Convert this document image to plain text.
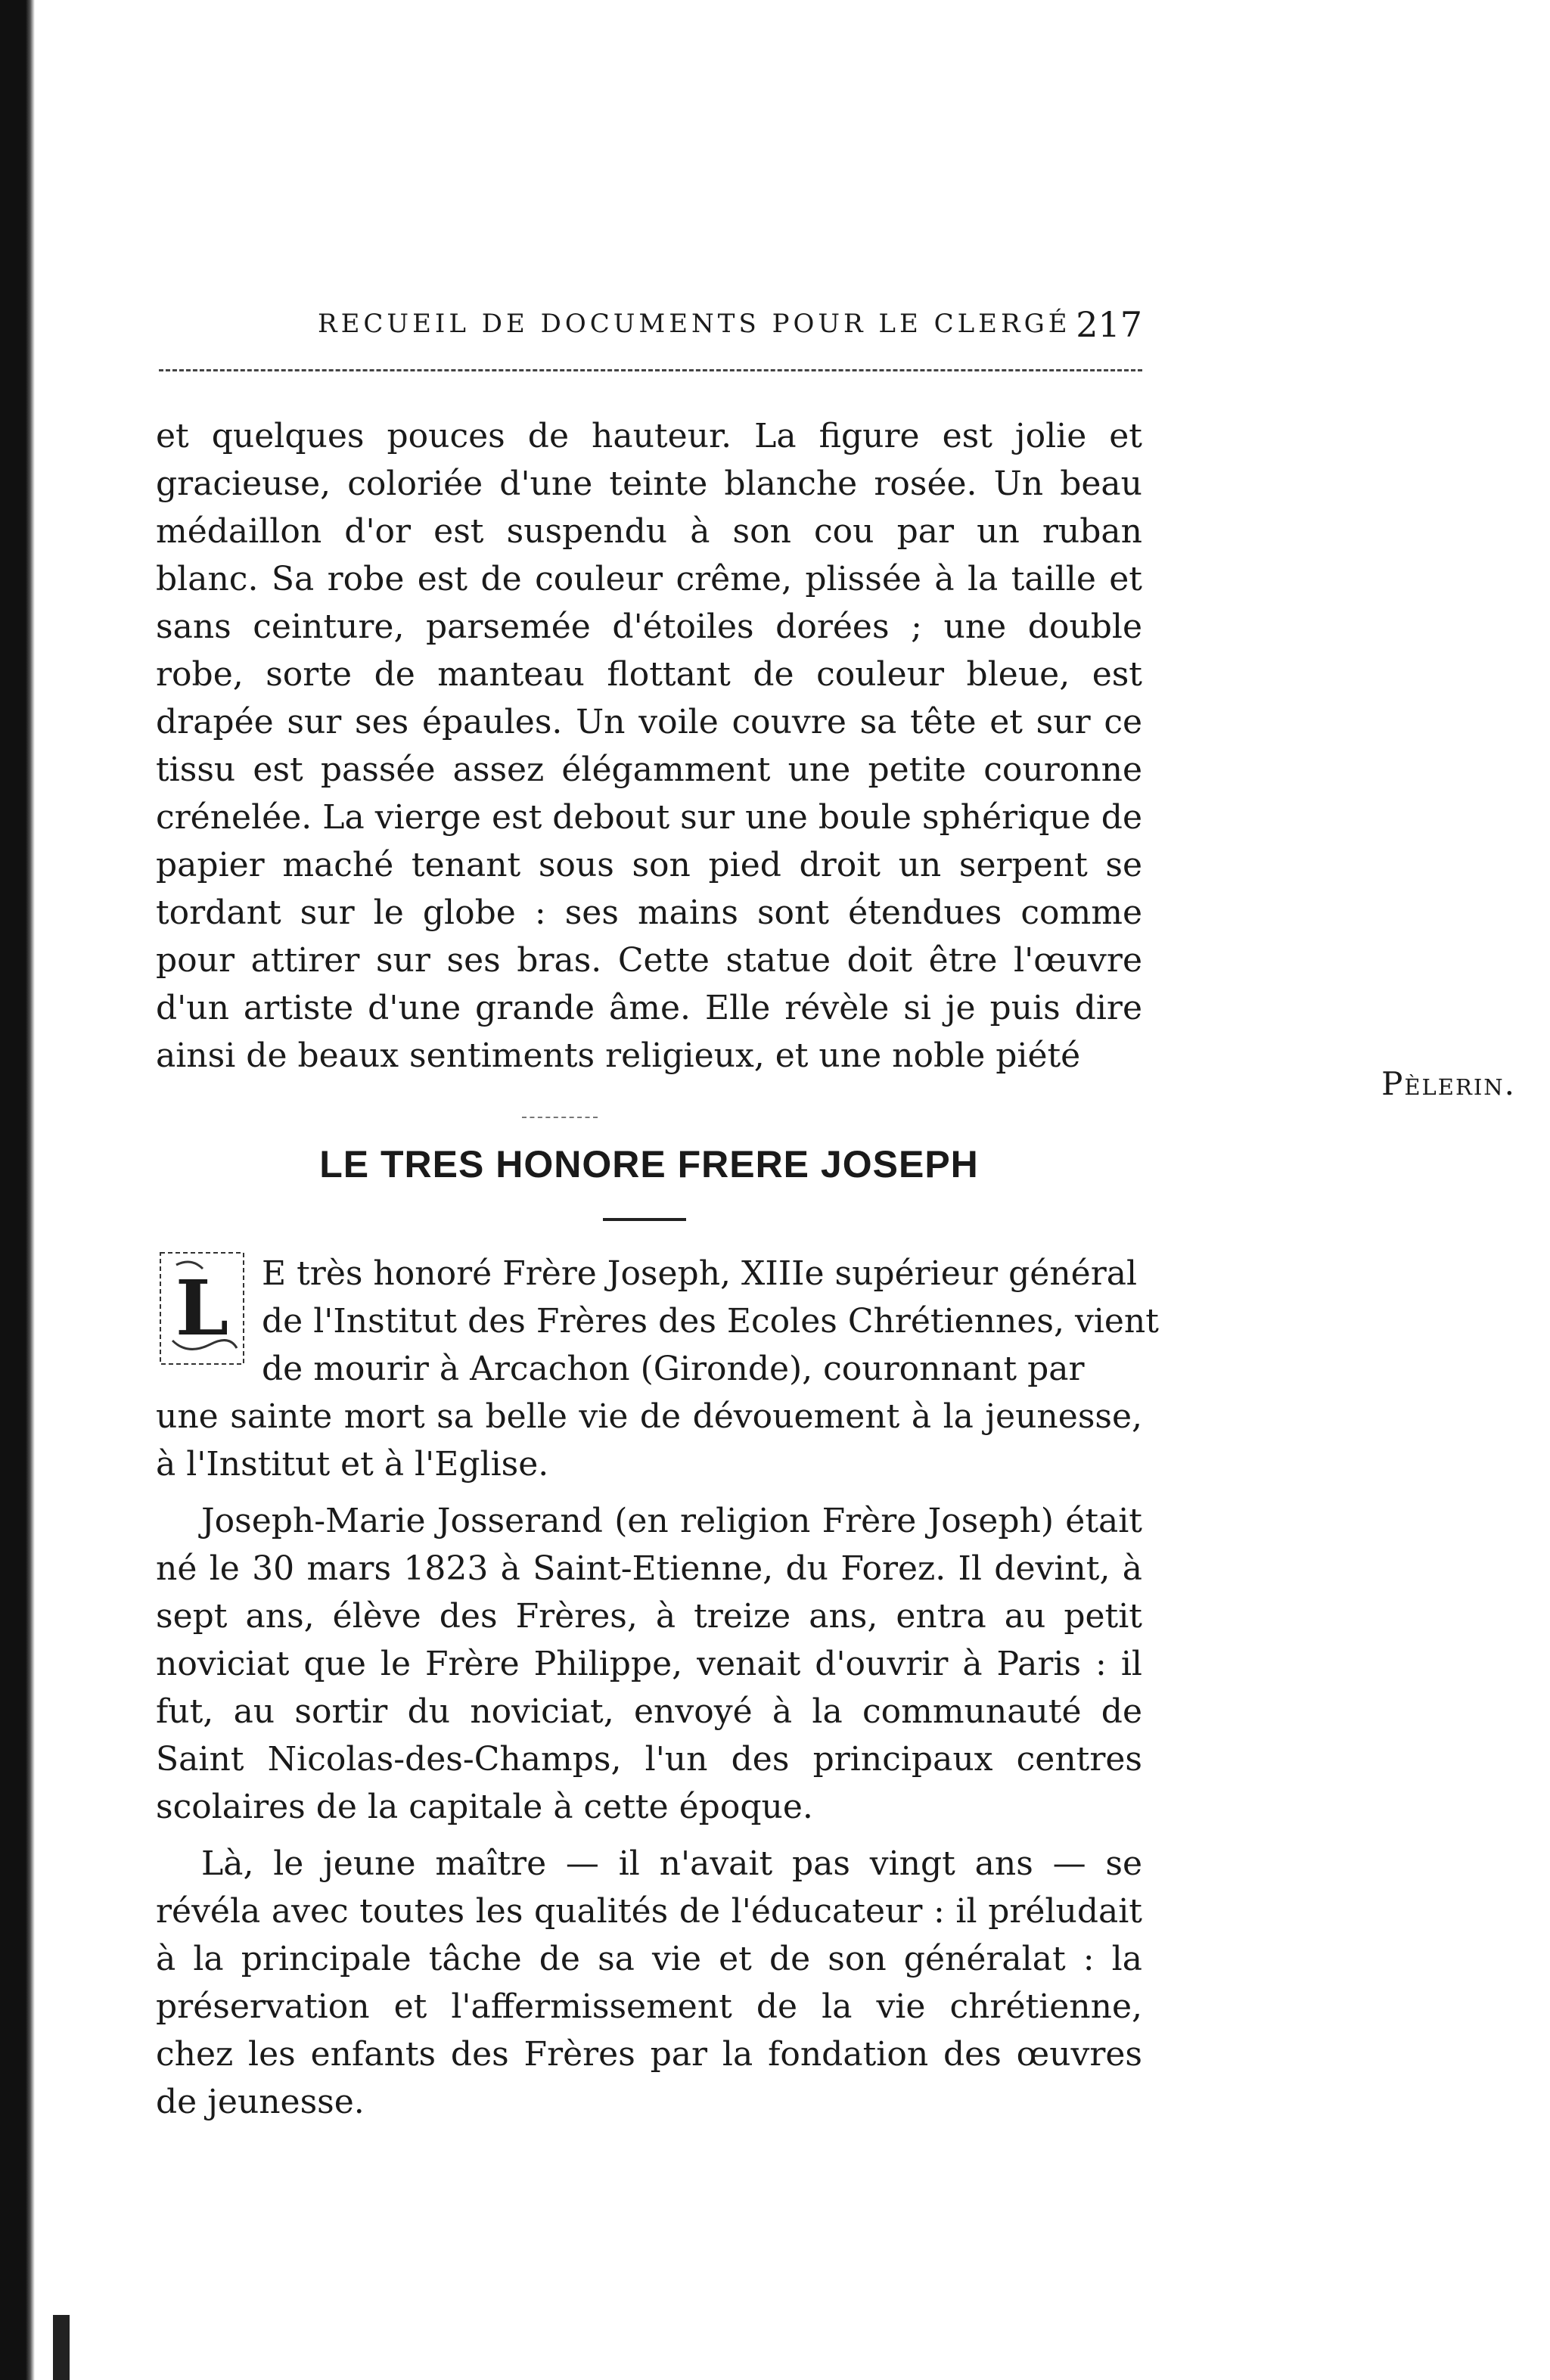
RECUEIL DE DOCUMENTS POUR LE CLERGÉ 217

et quelques pouces de hauteur. La figure est jolie et gracieuse, coloriée d'une teinte blanche rosée. Un beau médaillon d'or est suspendu à son cou par un ruban blanc. Sa robe est de couleur crême, plissée à la taille et sans ceinture, parsemée d'étoiles dorées ; une double robe, sorte de manteau flottant de couleur bleue, est drapée sur ses épaules. Un voile couvre sa tête et sur ce tissu est passée assez élégamment une petite couronne crénelée. La vierge est debout sur une boule sphérique de papier maché tenant sous son pied droit un serpent se tordant sur le globe : ses mains sont étendues comme pour attirer sur ses bras. Cette statue doit être l'œuvre d'un artiste d'une grande âme. Elle révèle si je puis dire ainsi de beaux sentiments religieux, et une noble piété

Pèlerin.
LE TRES HONORE FRERE JOSEPH
L E très honoré Frère Joseph, XIIIe supérieur général
de l'Institut des Frères des Ecoles Chrétiennes, vient
de mourir à Arcachon (Gironde), couronnant par

une sainte mort sa belle vie de dévouement à la jeunesse, à l'Institut et à l'Eglise.

Joseph-Marie Josserand (en religion Frère Joseph) était né le 30 mars 1823 à Saint-Etienne, du Forez. Il devint, à sept ans, élève des Frères, à treize ans, entra au petit noviciat que le Frère Philippe, venait d'ouvrir à Paris : il fut, au sortir du noviciat, envoyé à la communauté de Saint Nicolas-des-Champs, l'un des principaux centres scolaires de la capitale à cette époque.

Là, le jeune maître — il n'avait pas vingt ans — se révéla avec toutes les qualités de l'éducateur : il préludait à la principale tâche de sa vie et de son généralat : la préservation et l'affermissement de la vie chrétienne, chez les enfants des Frères par la fondation des œuvres de jeunesse.
